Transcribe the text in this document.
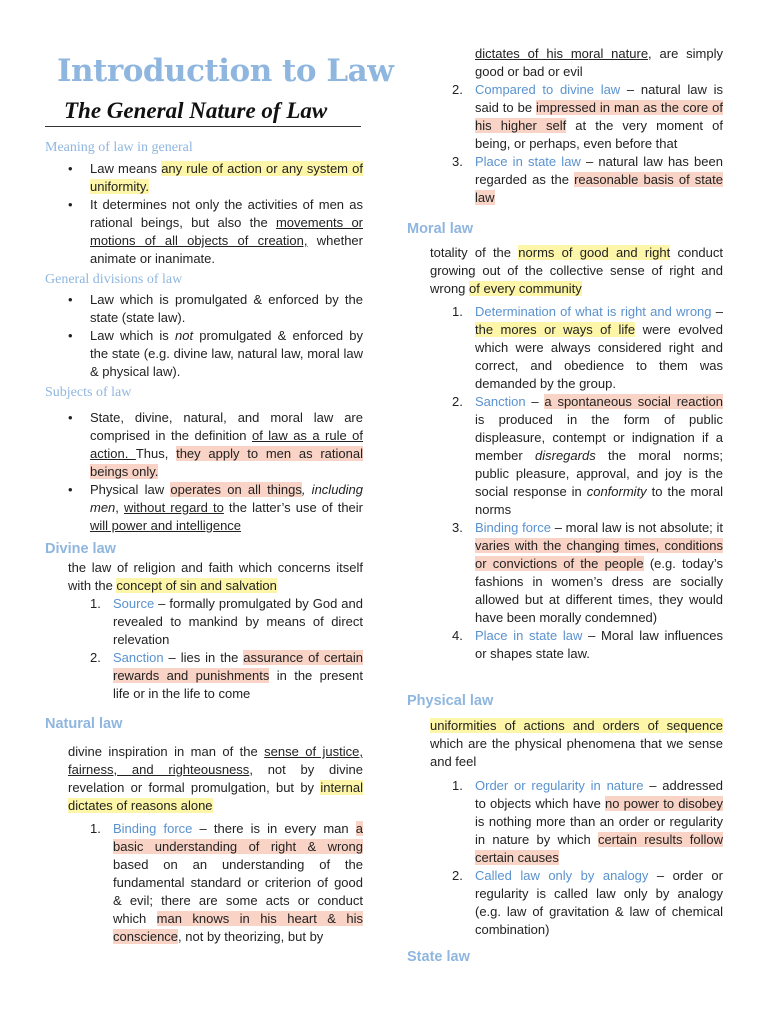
Introduction to Law
The General Nature of Law
Meaning of law in general
• Law means any rule of action or any system of uniformity.
• It determines not only the activities of men as rational beings, but also the movements or motions of all objects of creation, whether animate or inanimate.
General divisions of law
• Law which is promulgated & enforced by the state (state law).
• Law which is not promulgated & enforced by the state (e.g. divine law, natural law, moral law & physical law).
Subjects of law
• State, divine, natural, and moral law are comprised in the definition of law as a rule of action. Thus, they apply to men as rational beings only.
• Physical law operates on all things, including men, without regard to the latter’s use of their will power and intelligence
Divine law
the law of religion and faith which concerns itself with the concept of sin and salvation
1. Source – formally promulgated by God and revealed to mankind by means of direct relevation
2. Sanction – lies in the assurance of certain rewards and punishments in the present life or in the life to come
Natural law
divine inspiration in man of the sense of justice, fairness, and righteousness, not by divine revelation or formal promulgation, but by internal dictates of reasons alone
1. Binding force – there is in every man a basic understanding of right & wrong based on an understanding of the fundamental standard or criterion of good & evil; there are some acts or conduct which man knows in his heart & his conscience, not by theorizing, but by
dictates of his moral nature, are simply good or bad or evil
2. Compared to divine law – natural law is said to be impressed in man as the core of his higher self at the very moment of being, or perhaps, even before that
3. Place in state law – natural law has been regarded as the reasonable basis of state law
Moral law
totality of the norms of good and right conduct growing out of the collective sense of right and wrong of every community
1. Determination of what is right and wrong – the mores or ways of life were evolved which were always considered right and correct, and obedience to them was demanded by the group.
2. Sanction – a spontaneous social reaction is produced in the form of public displeasure, contempt or indignation if a member disregards the moral norms; public pleasure, approval, and joy is the social response in conformity to the moral norms
3. Binding force – moral law is not absolute; it varies with the changing times, conditions or convictions of the people (e.g. today’s fashions in women’s dress are socially allowed but at different times, they would have been morally condemned)
4. Place in state law – Moral law influences or shapes state law.
Physical law
uniformities of actions and orders of sequence which are the physical phenomena that we sense and feel
1. Order or regularity in nature – addressed to objects which have no power to disobey is nothing more than an order or regularity in nature by which certain results follow certain causes
2. Called law only by analogy – order or regularity is called law only by analogy (e.g. law of gravitation & law of chemical combination)
State law
